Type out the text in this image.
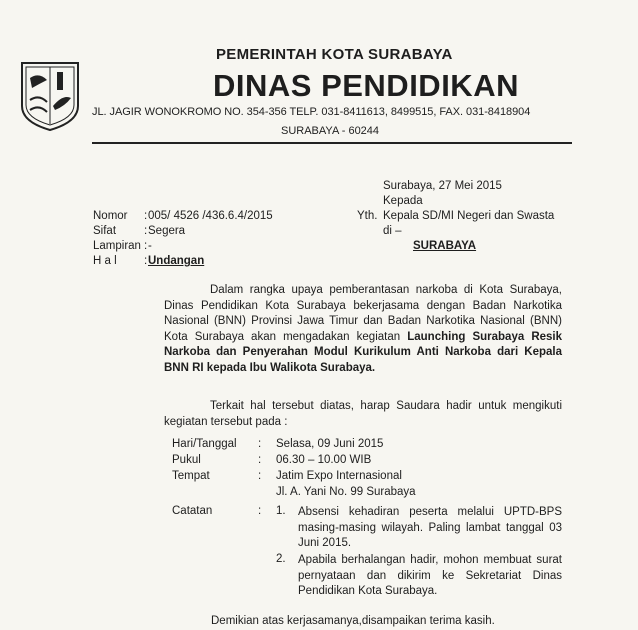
PEMERINTAH KOTA SURABAYA
DINAS PENDIDIKAN
JL. JAGIR WONOKROMO NO. 354-356 TELP. 031-8411613, 8499515, FAX. 031-8418904
SURABAYA - 60244
Surabaya, 27 Mei 2015
Kepada
Yth. Kepala SD/MI Negeri dan Swasta
di –
SURABAYA
Nomor : 005/ 4526 /436.6.4/2015
Sifat : Segera
Lampiran : -
H a l : Undangan
Dalam rangka upaya pemberantasan narkoba di Kota Surabaya, Dinas Pendidikan Kota Surabaya bekerjasama dengan Badan Narkotika Nasional (BNN) Provinsi Jawa Timur dan Badan Narkotika Nasional (BNN) Kota Surabaya akan mengadakan kegiatan Launching Surabaya Resik Narkoba dan Penyerahan Modul Kurikulum Anti Narkoba dari Kepala BNN RI kepada Ibu Walikota Surabaya.
Terkait hal tersebut diatas, harap Saudara hadir untuk mengikuti kegiatan tersebut pada :
Hari/Tanggal : Selasa, 09 Juni 2015
Pukul	: 06.30 – 10.00 WIB
Tempat	: Jatim Expo Internasional
Jl. A. Yani No. 99 Surabaya
Catatan	: 1. Absensi kehadiran peserta melalui UPTD-BPS masing-masing wilayah. Paling lambat tanggal 03 Juni 2015.
2. Apabila berhalangan hadir, mohon membuat surat pernyataan dan dikirim ke Sekretariat Dinas Pendidikan Kota Surabaya.
Demikian atas kerjasamanya,disampaikan terima kasih.
